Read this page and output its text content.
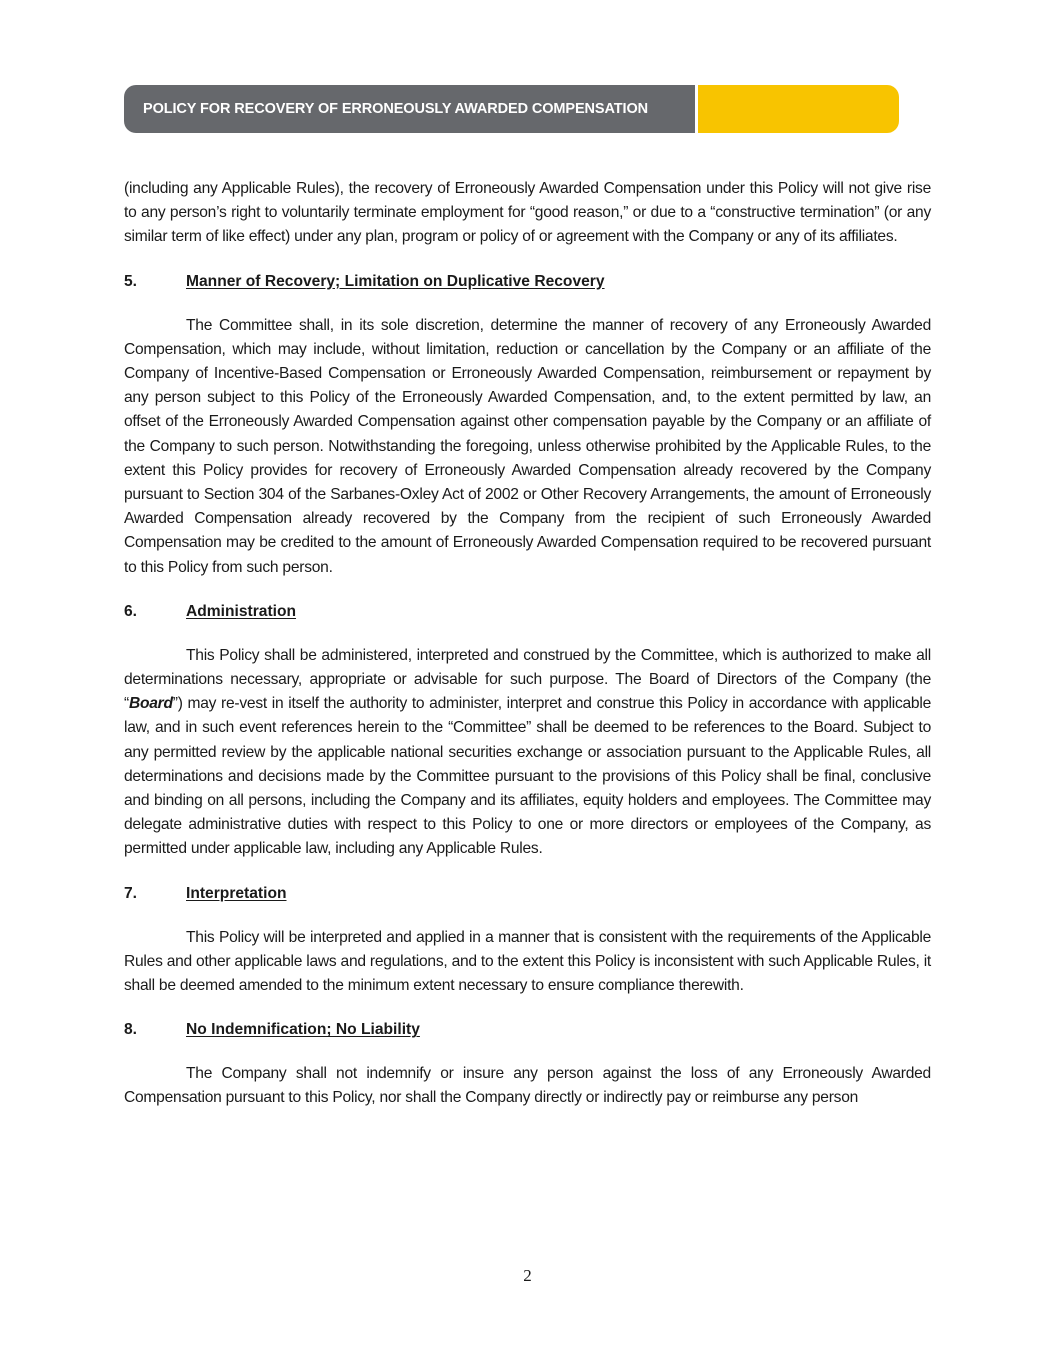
POLICY FOR RECOVERY OF ERRONEOUSLY AWARDED COMPENSATION

(including any Applicable Rules), the recovery of Erroneously Awarded Compensation under this Policy will not give rise to any person’s right to voluntarily terminate employment for “good reason,” or due to a “constructive termination” (or any similar term of like effect) under any plan, program or policy of or agreement with the Company or any of its affiliates.

5.	Manner of Recovery; Limitation on Duplicative Recovery

The Committee shall, in its sole discretion, determine the manner of recovery of any Erroneously Awarded Compensation, which may include, without limitation, reduction or cancellation by the Company or an affiliate of the Company of Incentive-Based Compensation or Erroneously Awarded Compensation, reimbursement or repayment by any person subject to this Policy of the Erroneously Awarded Compensation, and, to the extent permitted by law, an offset of the Erroneously Awarded Compensation against other compensation payable by the Company or an affiliate of the Company to such person. Notwithstanding the foregoing, unless otherwise prohibited by the Applicable Rules, to the extent this Policy provides for recovery of Erroneously Awarded Compensation already recovered by the Company pursuant to Section 304 of the Sarbanes-Oxley Act of 2002 or Other Recovery Arrangements, the amount of Erroneously Awarded Compensation already recovered by the Company from the recipient of such Erroneously Awarded Compensation may be credited to the amount of Erroneously Awarded Compensation required to be recovered pursuant to this Policy from such person.

6.	Administration

This Policy shall be administered, interpreted and construed by the Committee, which is authorized to make all determinations necessary, appropriate or advisable for such purpose. The Board of Directors of the Company (the “Board”) may re-vest in itself the authority to administer, interpret and construe this Policy in accordance with applicable law, and in such event references herein to the “Committee” shall be deemed to be references to the Board. Subject to any permitted review by the applicable national securities exchange or association pursuant to the Applicable Rules, all determinations and decisions made by the Committee pursuant to the provisions of this Policy shall be final, conclusive and binding on all persons, including the Company and its affiliates, equity holders and employees. The Committee may delegate administrative duties with respect to this Policy to one or more directors or employees of the Company, as permitted under applicable law, including any Applicable Rules.

7.	Interpretation

This Policy will be interpreted and applied in a manner that is consistent with the requirements of the Applicable Rules and other applicable laws and regulations, and to the extent this Policy is inconsistent with such Applicable Rules, it shall be deemed amended to the minimum extent necessary to ensure compliance therewith.

8.	No Indemnification; No Liability

The Company shall not indemnify or insure any person against the loss of any Erroneously Awarded Compensation pursuant to this Policy, nor shall the Company directly or indirectly pay or reimburse any person

2
